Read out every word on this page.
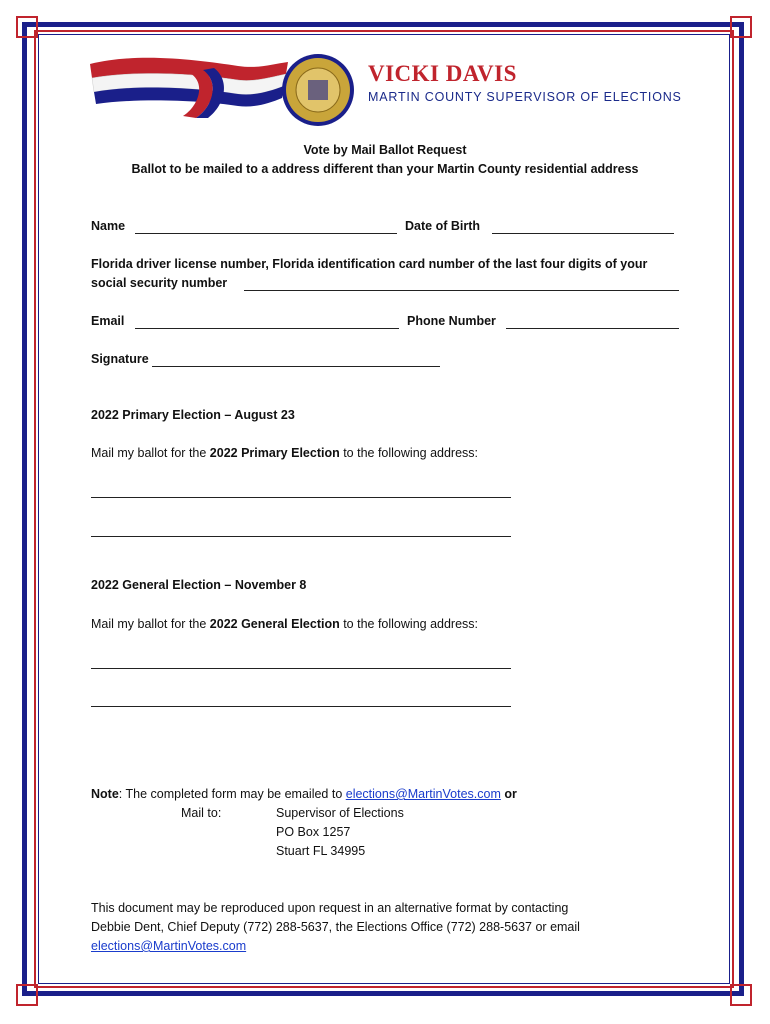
VICKI DAVIS
MARTIN COUNTY SUPERVISOR OF ELECTIONS
Vote by Mail Ballot Request
Ballot to be mailed to a address different than your Martin County residential address
Name	Date of Birth
Florida driver license number, Florida identification card number of the last four digits of your
social security number
Email	Phone Number
Signature
2022 Primary Election – August 23
Mail my ballot for the 2022 Primary Election to the following address:
2022 General Election – November 8
Mail my ballot for the 2022 General Election to the following address:
Note: The completed form may be emailed to elections@MartinVotes.com or
Mail to:	Supervisor of Elections
PO Box 1257
Stuart FL 34995
This document may be reproduced upon request in an alternative format by contacting
Debbie Dent, Chief Deputy (772) 288-5637, the Elections Office (772) 288-5637 or email
elections@MartinVotes.com
